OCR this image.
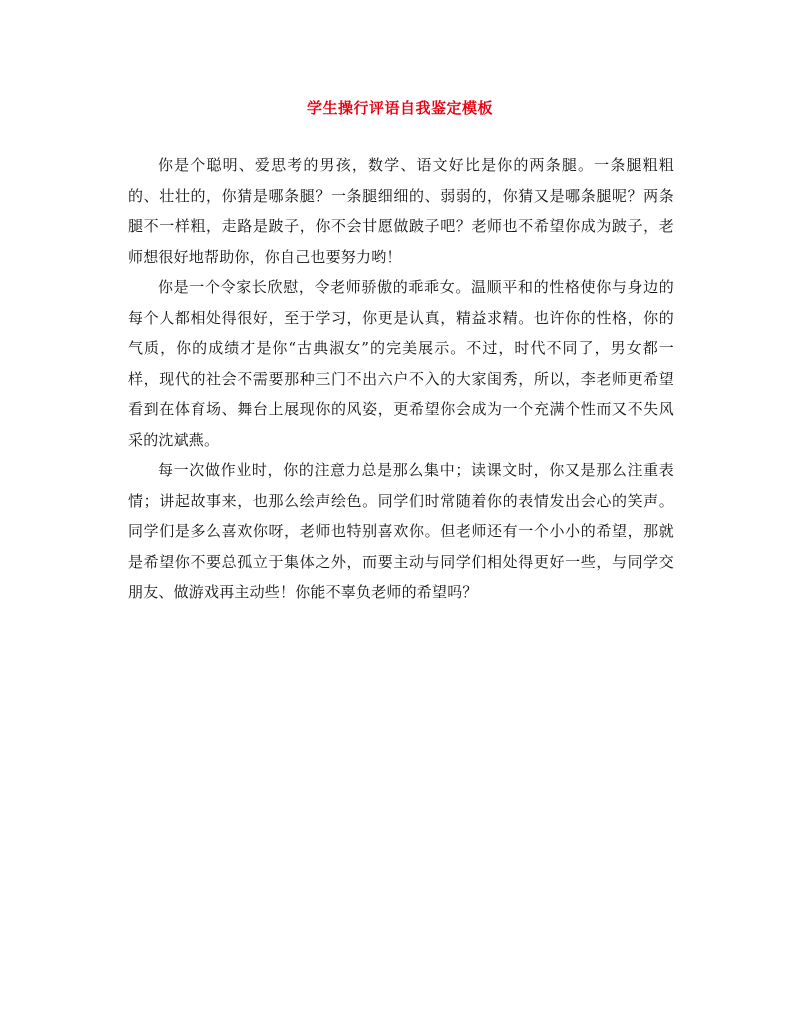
学生操行评语自我鉴定模板

你是个聪明、爱思考的男孩，数学、语文好比是你的两条腿。一条腿粗粗的、壮壮的，你猜是哪条腿？一条腿细细的、弱弱的，你猜又是哪条腿呢？两条腿不一样粗，走路是跛子，你不会甘愿做跛子吧？老师也不希望你成为跛子，老师想很好地帮助你，你自己也要努力哟！

你是一个令家长欣慰，令老师骄傲的乖乖女。温顺平和的性格使你与身边的每个人都相处得很好，至于学习，你更是认真，精益求精。也许你的性格，你的气质，你的成绩才是你“古典淑女”的完美展示。不过，时代不同了，男女都一样，现代的社会不需要那种三门不出六户不入的大家闺秀，所以，李老师更希望看到在体育场、舞台上展现你的风姿，更希望你会成为一个充满个性而又不失风采的沈斌燕。

每一次做作业时，你的注意力总是那么集中；读课文时，你又是那么注重表情；讲起故事来，也那么绘声绘色。同学们时常随着你的表情发出会心的笑声。同学们是多么喜欢你呀，老师也特别喜欢你。但老师还有一个小小的希望，那就是希望你不要总孤立于集体之外，而要主动与同学们相处得更好一些，与同学交朋友、做游戏再主动些！你能不辜负老师的希望吗？
